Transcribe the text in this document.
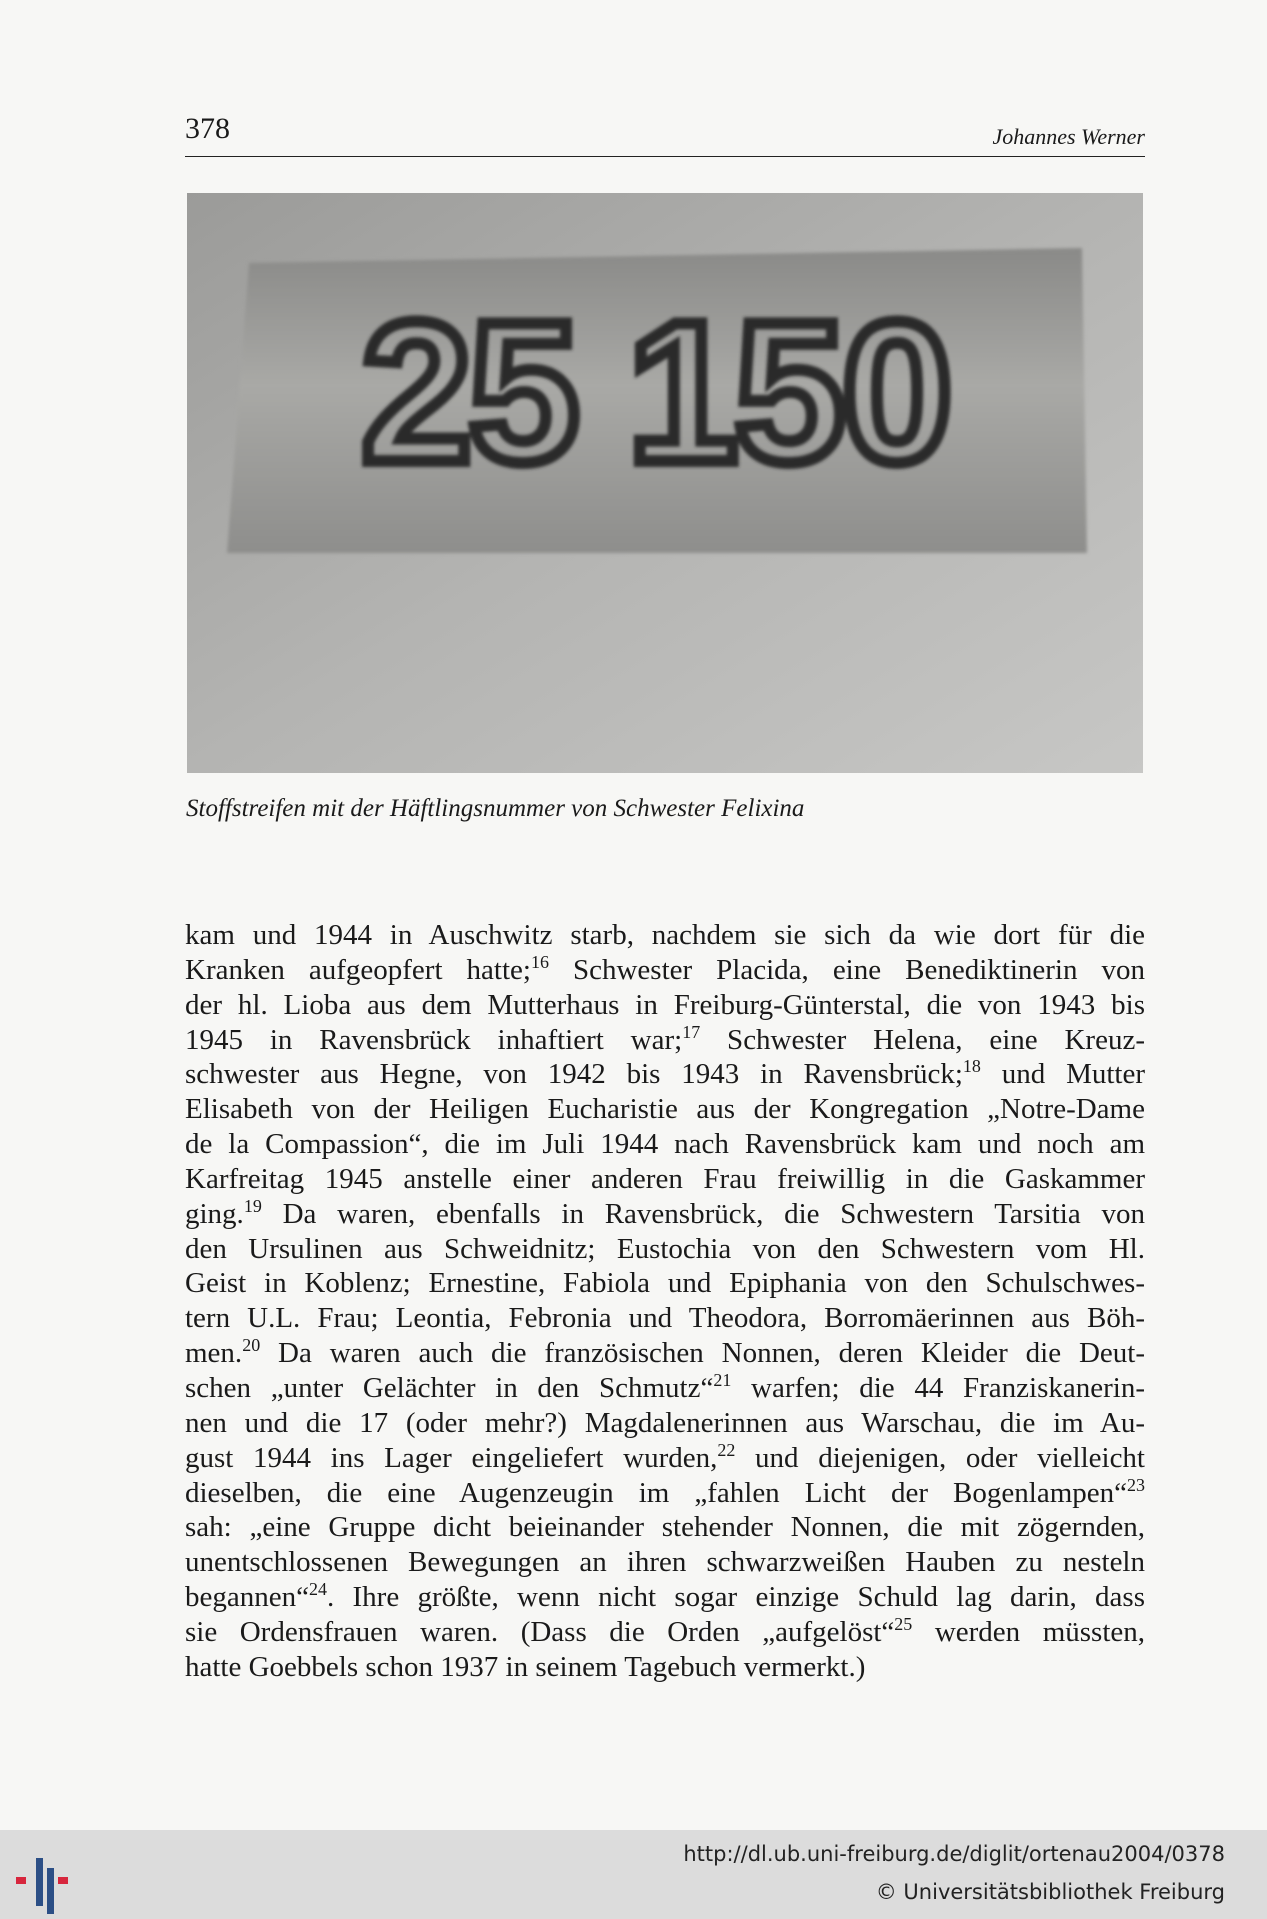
378	Johannes Werner
25 150
Stoffstreifen mit der Häftlingsnummer von Schwester Felixina
kam und 1944 in Auschwitz starb, nachdem sie sich da wie dort für die
Kranken aufgeopfert hatte;$^{16}$ Schwester Placida, eine Benediktinerin von
der hl. Lioba aus dem Mutterhaus in Freiburg-Günterstal, die von 1943 bis
1945 in Ravensbrück inhaftiert war;$^{17}$ Schwester Helena, eine Kreuz-
schwester aus Hegne, von 1942 bis 1943 in Ravensbrück;$^{18}$ und Mutter
Elisabeth von der Heiligen Eucharistie aus der Kongregation „Notre-Dame
de la Compassion“, die im Juli 1944 nach Ravensbrück kam und noch am
Karfreitag 1945 anstelle einer anderen Frau freiwillig in die Gaskammer
ging.$^{19}$ Da waren, ebenfalls in Ravensbrück, die Schwestern Tarsitia von
den Ursulinen aus Schweidnitz; Eustochia von den Schwestern vom Hl.
Geist in Koblenz; Ernestine, Fabiola und Epiphania von den Schulschwes-
tern U.L. Frau; Leontia, Febronia und Theodora, Borromäerinnen aus Böh-
men.$^{20}$ Da waren auch die französischen Nonnen, deren Kleider die Deut-
schen „unter Gelächter in den Schmutz“$^{21}$ warfen; die 44 Franziskanerin-
nen und die 17 (oder mehr?) Magdalenerinnen aus Warschau, die im Au-
gust 1944 ins Lager eingeliefert wurden,$^{22}$ und diejenigen, oder vielleicht
dieselben, die eine Augenzeugin im „fahlen Licht der Bogenlampen“$^{23}$
sah: „eine Gruppe dicht beieinander stehender Nonnen, die mit zögernden,
unentschlossenen Bewegungen an ihren schwarzweißen Hauben zu nesteln
begannen“$^{24}$. Ihre größte, wenn nicht sogar einzige Schuld lag darin, dass
sie Ordensfrauen waren. (Dass die Orden „aufgelöst“$^{25}$ werden müssten,
hatte Goebbels schon 1937 in seinem Tagebuch vermerkt.)
http://dl.ub.uni-freiburg.de/diglit/ortenau2004/0378
© Universitätsbibliothek Freiburg
